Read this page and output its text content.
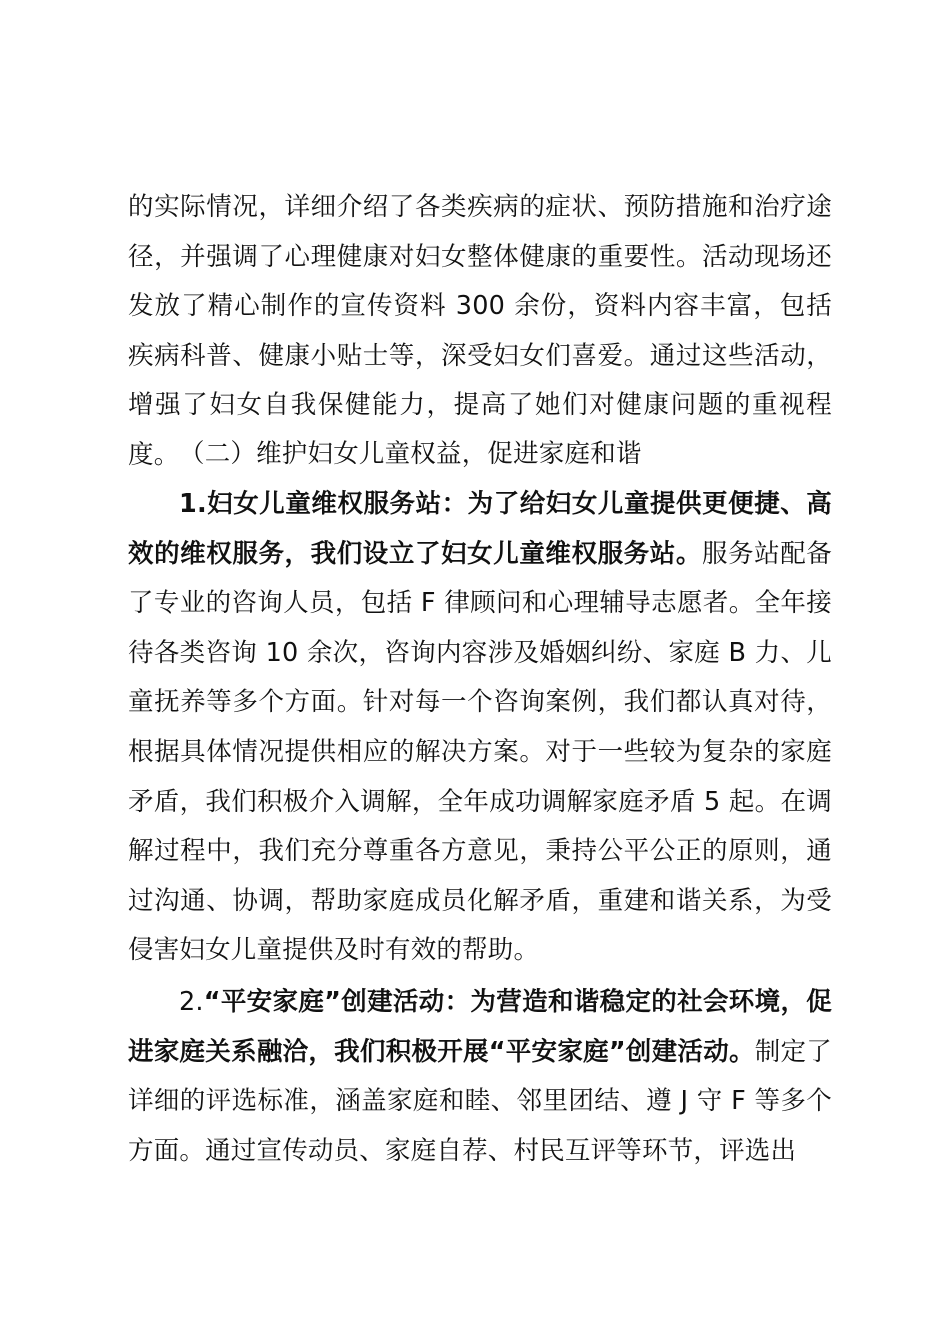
的实际情况，详细介绍了各类疾病的症状、预防措施和治疗途径，并强调了心理健康对妇女整体健康的重要性。活动现场还发放了精心制作的宣传资料 300 余份，资料内容丰富，包括疾病科普、健康小贴士等，深受妇女们喜爱。通过这些活动，增强了妇女自我保健能力，提高了她们对健康问题的重视程度。 （二）维护妇女儿童权益，促进家庭和谐

1.妇女儿童维权服务站：为了给妇女儿童提供更便捷、高效的维权服务，我们设立了妇女儿童维权服务站。服务站配备了专业的咨询人员，包括 F 律顾问和心理辅导志愿者。全年接待各类咨询 10 余次，咨询内容涉及婚姻纠纷、家庭 B 力、儿童抚养等多个方面。针对每一个咨询案例，我们都认真对待，根据具体情况提供相应的解决方案。对于一些较为复杂的家庭矛盾，我们积极介入调解，全年成功调解家庭矛盾 5 起。在调解过程中，我们充分尊重各方意见，秉持公平公正的原则，通过沟通、协调，帮助家庭成员化解矛盾，重建和谐关系，为受侵害妇女儿童提供及时有效的帮助。

2.“平安家庭”创建活动：为营造和谐稳定的社会环境，促进家庭关系融洽，我们积极开展“平安家庭”创建活动。制定了详细的评选标准，涵盖家庭和睦、邻里团结、遵 J 守 F 等多个方面。通过宣传动员、家庭自荐、村民互评等环节，评选出
